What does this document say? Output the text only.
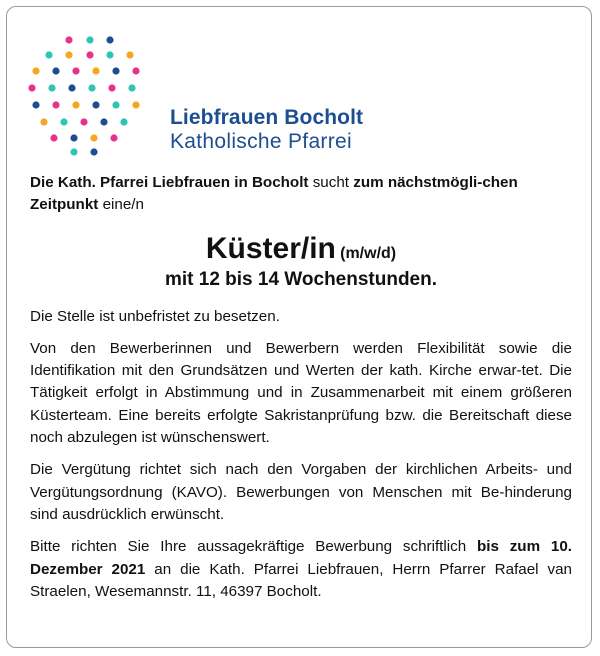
Liebfrauen Bocholt
Katholische Pfarrei
Die Kath. Pfarrei Liebfrauen in Bocholt sucht zum nächstmögli-chen Zeitpunkt eine/n
Küster/in (m/w/d)
mit 12 bis 14 Wochenstunden.

Die Stelle ist unbefristet zu besetzen.

Von den Bewerberinnen und Bewerbern werden Flexibilität sowie die Identifikation mit den Grundsätzen und Werten der kath. Kirche erwar-tet. Die Tätigkeit erfolgt in Abstimmung und in Zusammenarbeit mit einem größeren Küsterteam. Eine bereits erfolgte Sakristanprüfung bzw. die Bereitschaft diese noch abzulegen ist wünschenswert.

Die Vergütung richtet sich nach den Vorgaben der kirchlichen Arbeits- und Vergütungsordnung (KAVO). Bewerbungen von Menschen mit Be-hinderung sind ausdrücklich erwünscht.

Bitte richten Sie Ihre aussagekräftige Bewerbung schriftlich bis zum 10. Dezember 2021 an die Kath. Pfarrei Liebfrauen, Herrn Pfarrer Rafael van Straelen, Wesemannstr. 11, 46397 Bocholt.
